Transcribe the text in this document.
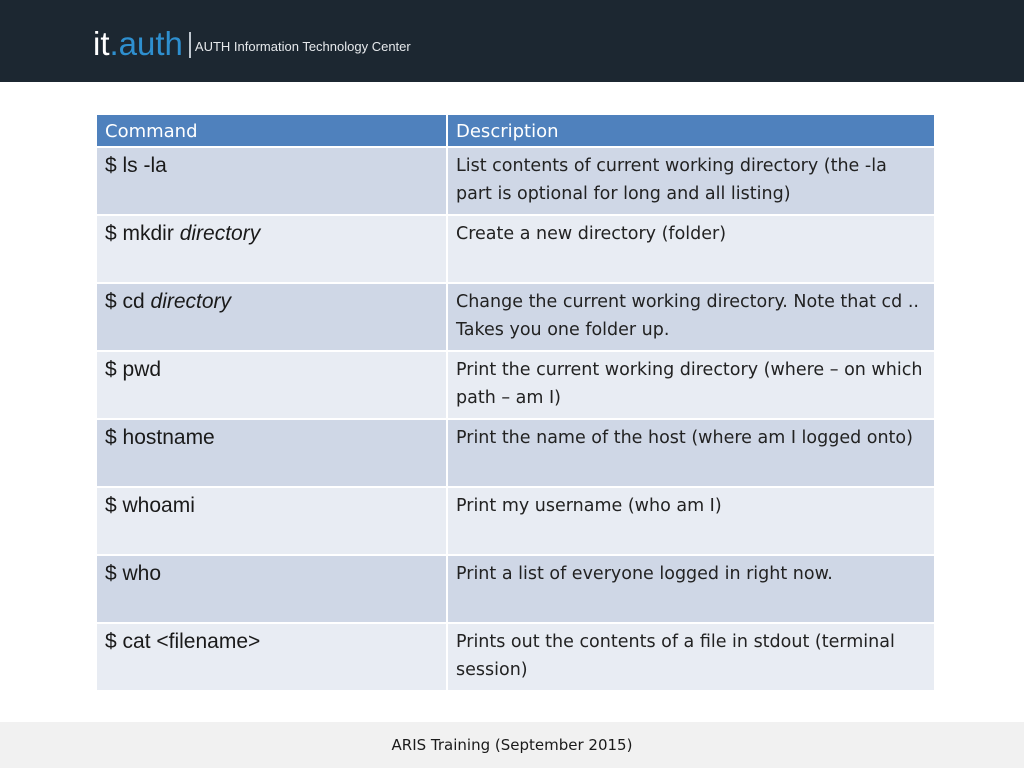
it.auth AUTH Information Technology Center
Command	Description
$ ls -la	List contents of current working directory (the -la part is optional for long and all listing)
$ mkdir directory	Create a new directory (folder)
$ cd directory	Change the current working directory. Note that cd .. Takes you one folder up.
$ pwd	Print the current working directory (where – on which path – am I)
$ hostname	Print the name of the host (where am I logged onto)
$ whoami	Print my username (who am I)
$ who	Print a list of everyone logged in right now.
$ cat <filename>	Prints out the contents of a file in stdout (terminal session)
ARIS Training (September 2015)
